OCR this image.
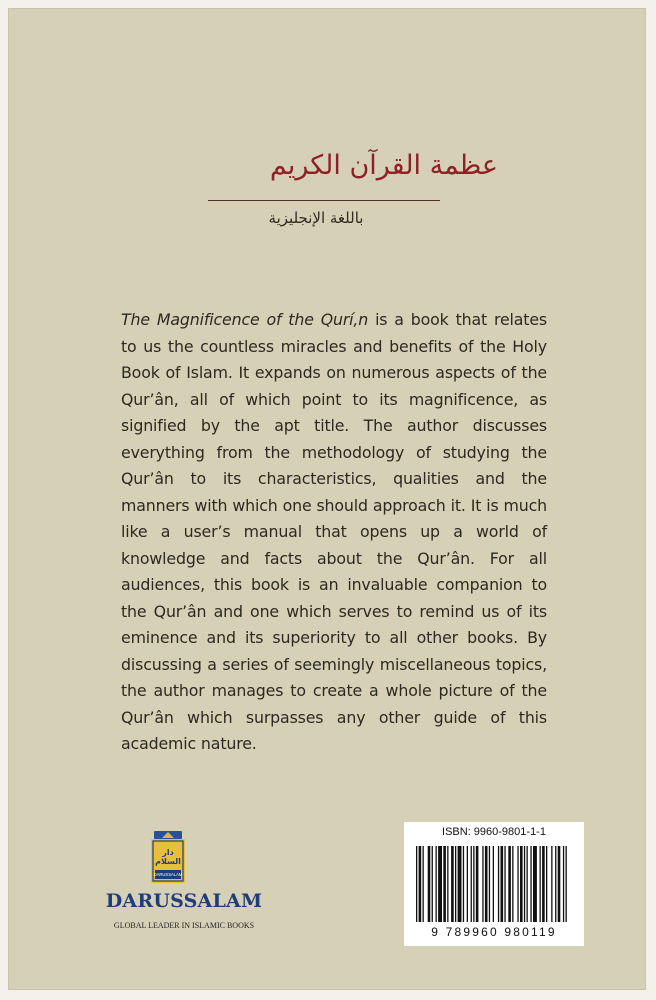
عظمة القرآن الكريم
باللغة الإنجليزية

The Magnificence of the Qurí,n is a book that relates to us the countless miracles and benefits of the Holy Book of Islam. It expands on numerous aspects of the Qur’ân, all of which point to its magnificence, as signified by the apt title. The author discusses everything from the methodology of studying the Qur’ân to its characteristics, qualities and the manners with which one should approach it. It is much like a user’s manual that opens up a world of knowledge and facts about the Qur’ân. For all audiences, this book is an invaluable companion to the Qur’ân and one which serves to remind us of its eminence and its superiority to all other books. By discussing a series of seemingly miscellaneous topics, the author manages to create a whole picture of the Qur’ân which surpasses any other guide of this academic nature.

دار السلام
DARUSSALAM
DARUSSALAM
GLOBAL LEADER IN ISLAMIC BOOKS
ISBN: 9960-9801-1-1
9 789960 980119
